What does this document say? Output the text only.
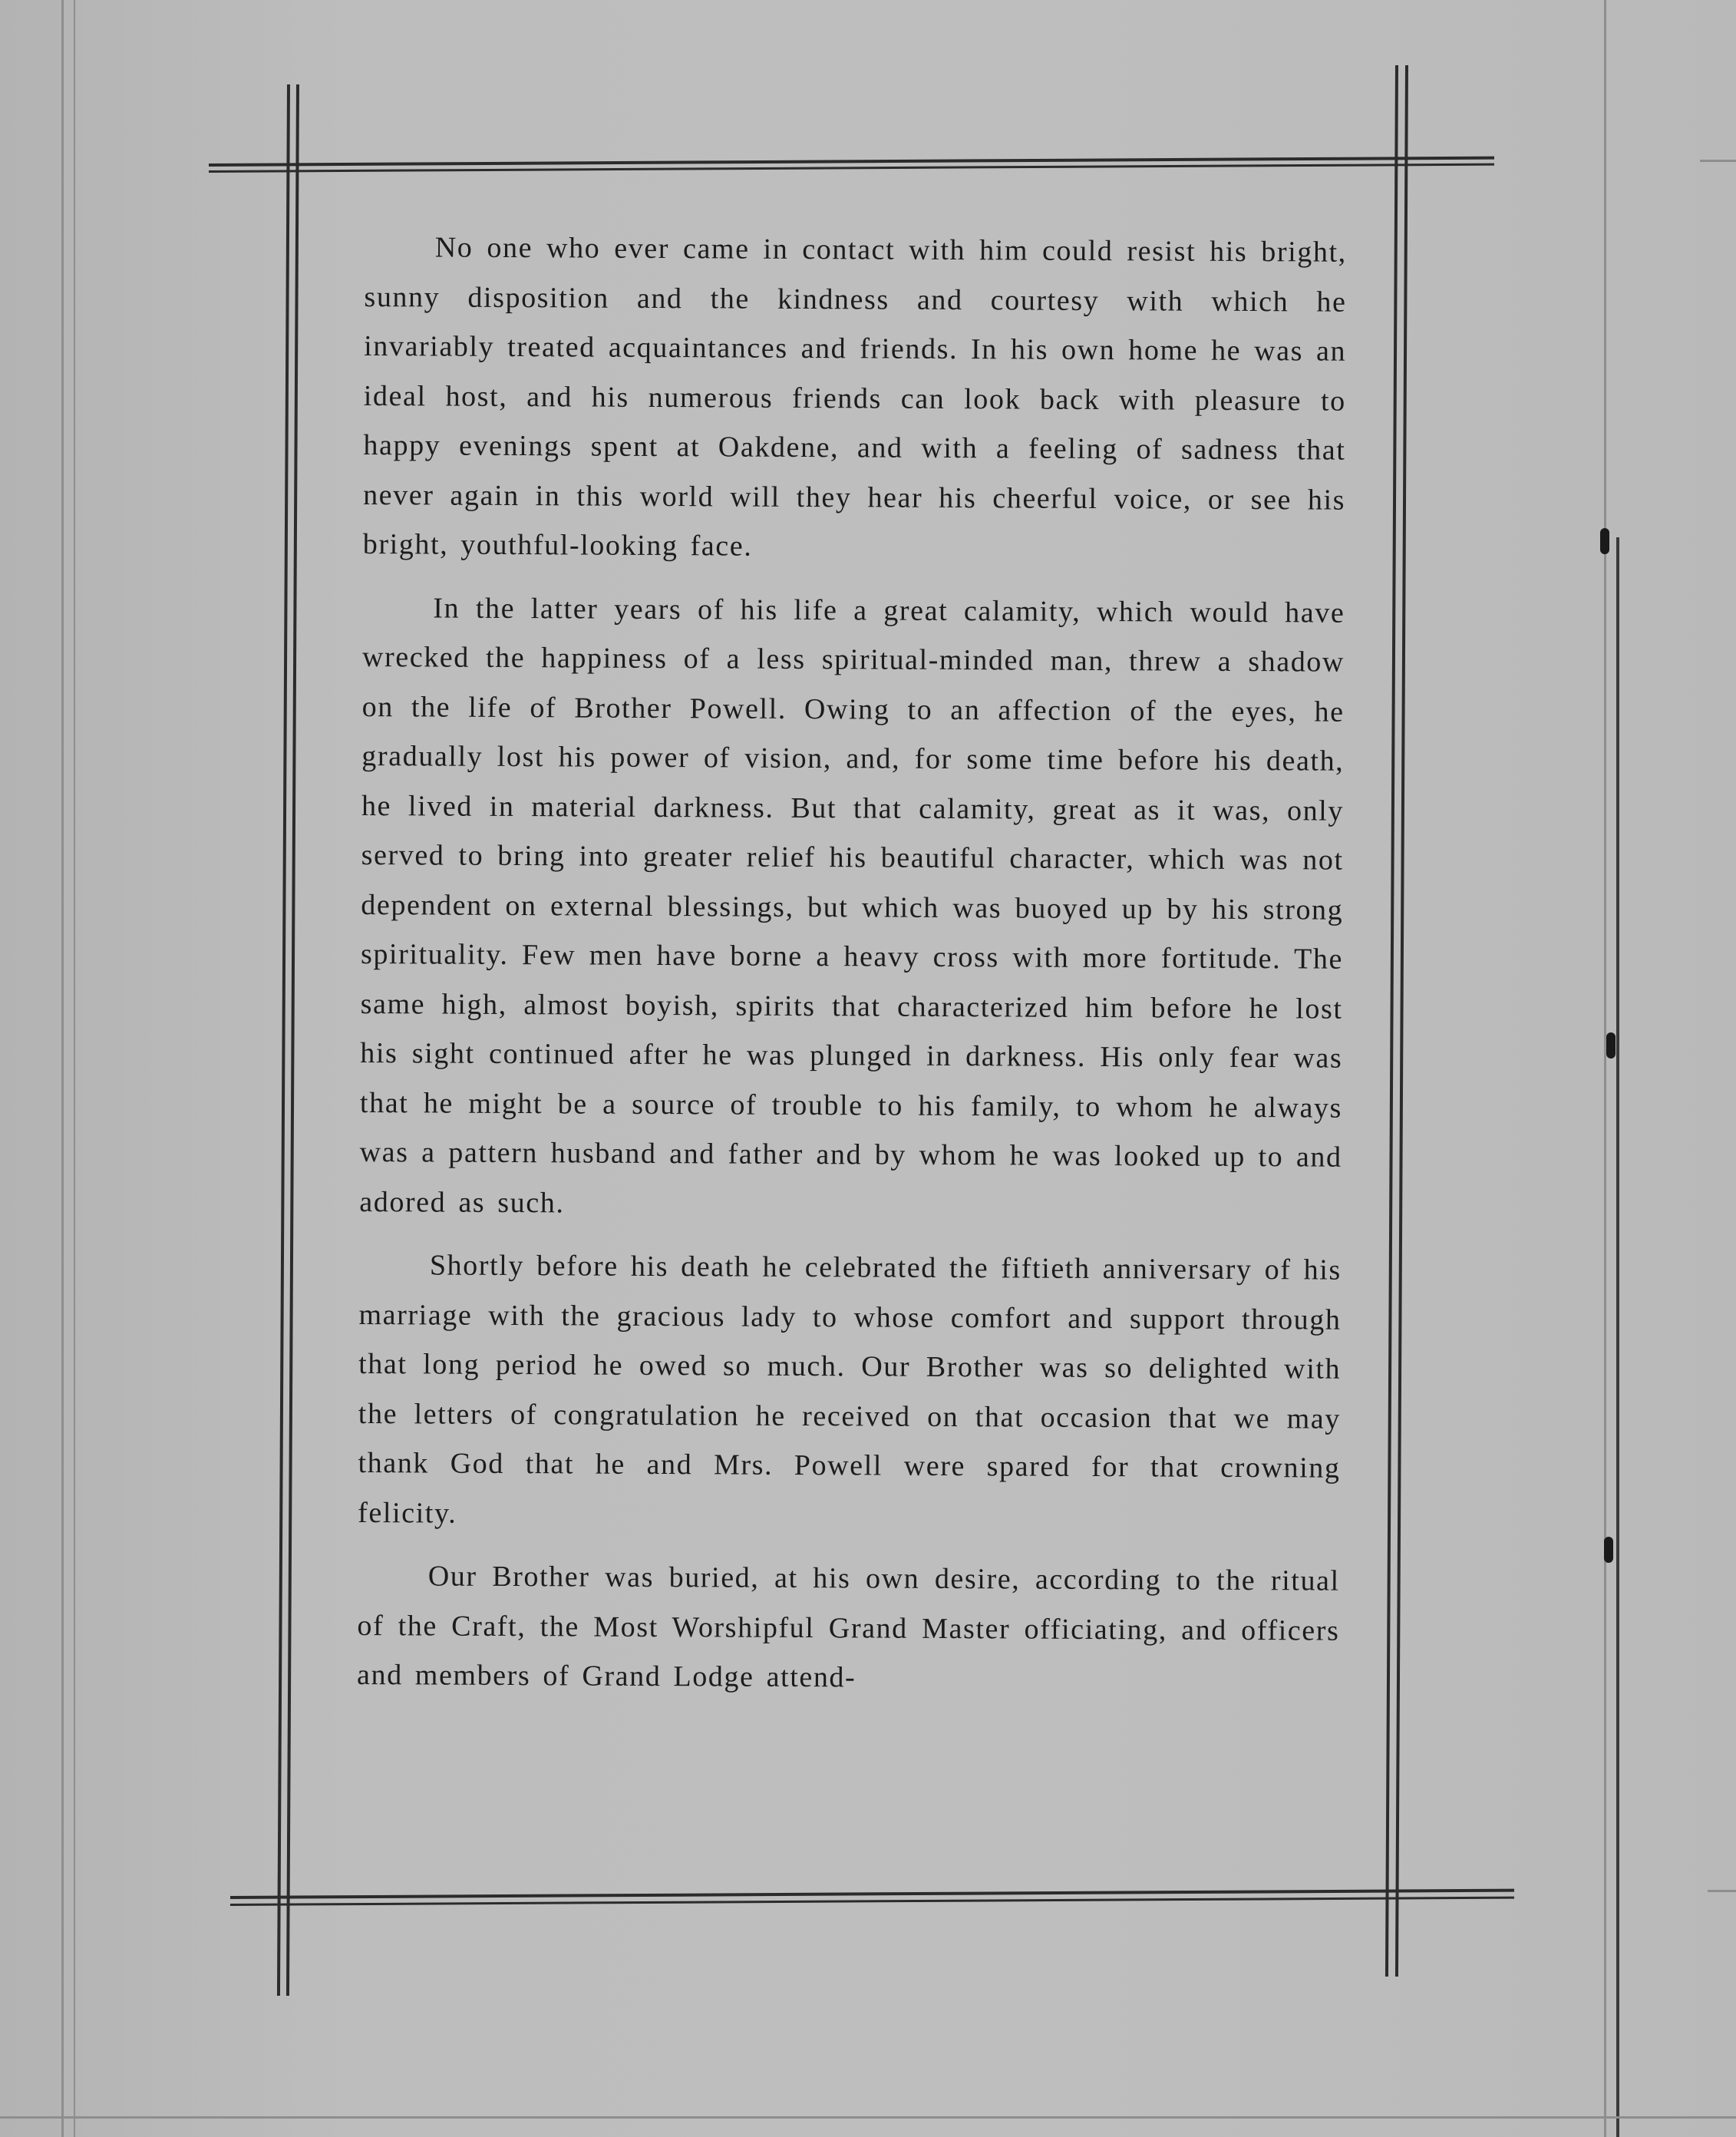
No one who ever came in contact with him could resist his bright, sunny disposition and the kindness and courtesy with which he invariably treated acquaintances and friends. In his own home he was an ideal host, and his numerous friends can look back with pleasure to happy evenings spent at Oakdene, and with a feeling of sadness that never again in this world will they hear his cheerful voice, or see his bright, youthful-looking face.

In the latter years of his life a great calamity, which would have wrecked the happiness of a less spiritual-minded man, threw a shadow on the life of Brother Powell. Owing to an affection of the eyes, he gradually lost his power of vision, and, for some time before his death, he lived in material darkness. But that calamity, great as it was, only served to bring into greater relief his beautiful character, which was not dependent on external blessings, but which was buoyed up by his strong spirituality. Few men have borne a heavy cross with more fortitude. The same high, almost boyish, spirits that characterized him before he lost his sight continued after he was plunged in darkness. His only fear was that he might be a source of trouble to his family, to whom he always was a pattern husband and father and by whom he was looked up to and adored as such.

Shortly before his death he celebrated the fiftieth anniversary of his marriage with the gracious lady to whose comfort and support through that long period he owed so much. Our Brother was so delighted with the letters of congratulation he received on that occasion that we may thank God that he and Mrs. Powell were spared for that crowning felicity.

Our Brother was buried, at his own desire, according to the ritual of the Craft, the Most Worshipful Grand Master officiating, and officers and members of Grand Lodge attend-
